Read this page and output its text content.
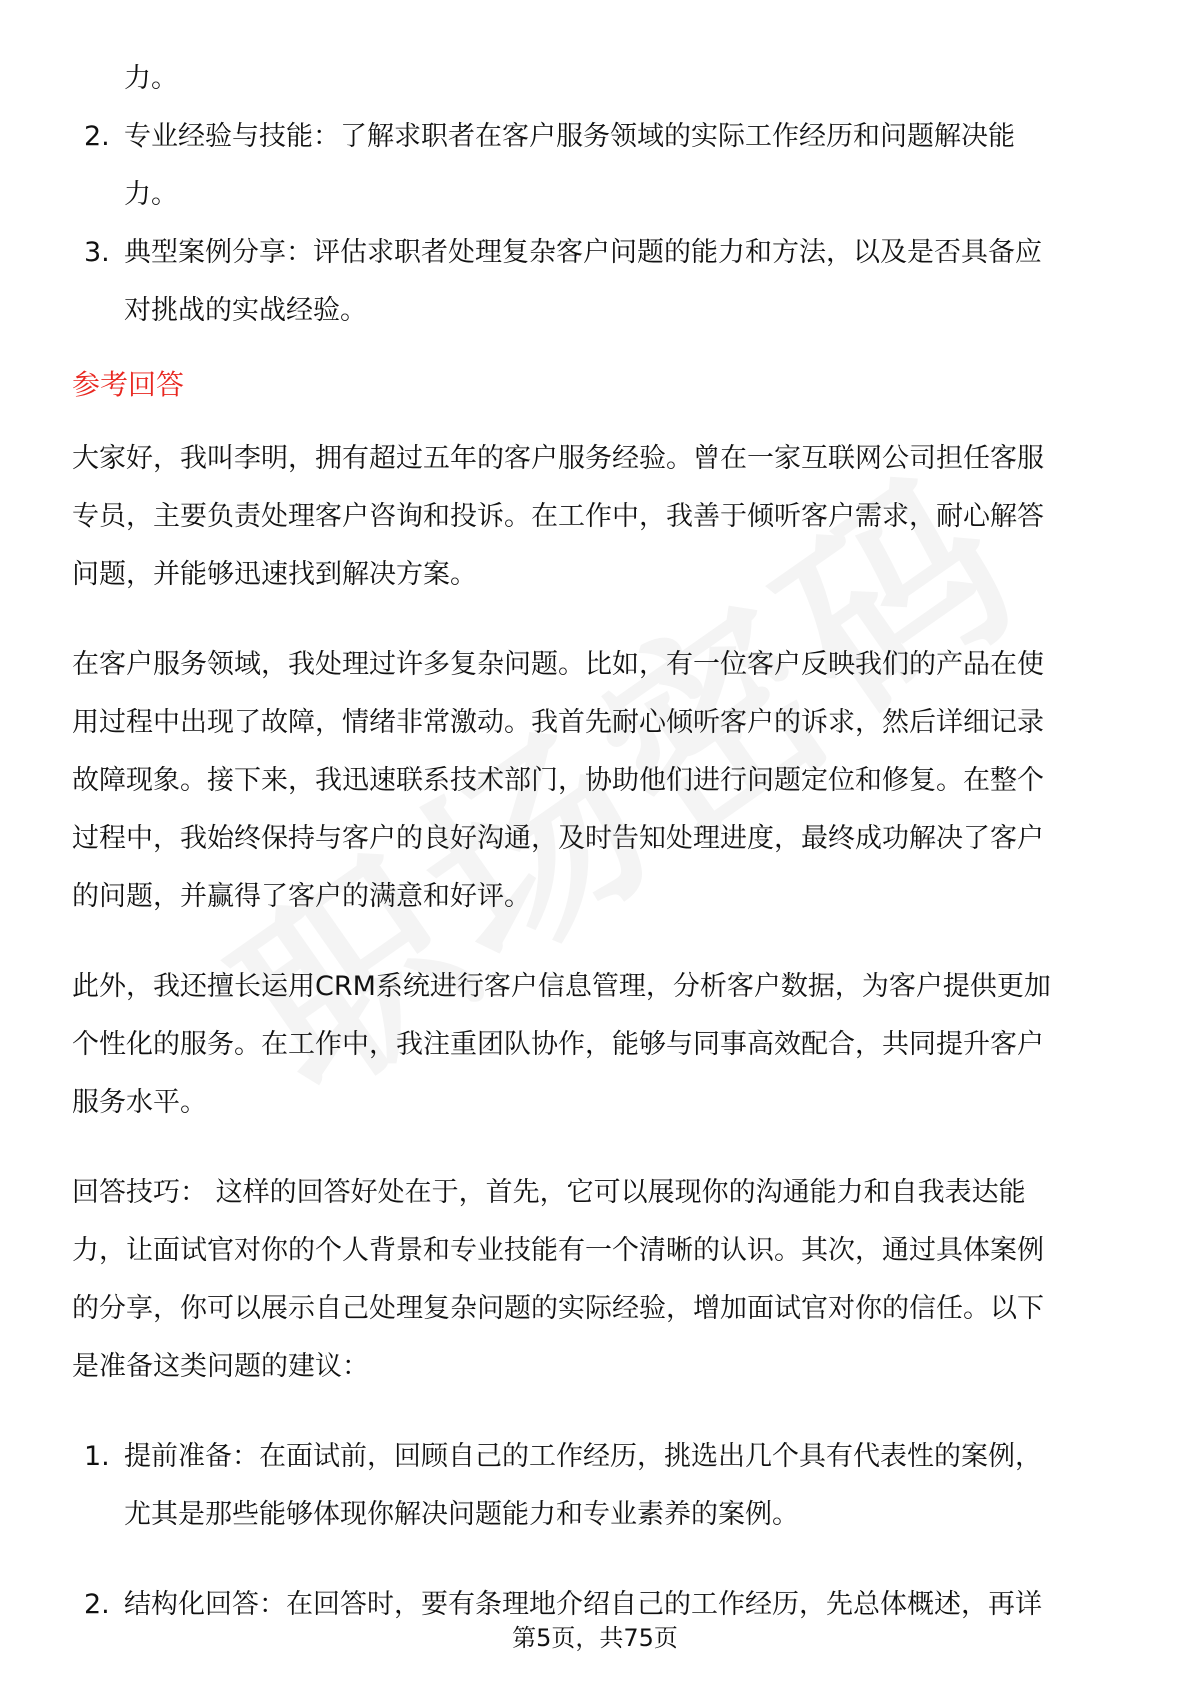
力。
2. 专业经验与技能：了解求职者在客户服务领域的实际工作经历和问题解决能
力。
3. 典型案例分享：评估求职者处理复杂客户问题的能力和方法，以及是否具备应
对挑战的实战经验。
参考回答
大家好，我叫李明，拥有超过五年的客户服务经验。曾在一家互联网公司担任客服
专员，主要负责处理客户咨询和投诉。在工作中，我善于倾听客户需求，耐心解答
问题，并能够迅速找到解决方案。
在客户服务领域，我处理过许多复杂问题。比如，有一位客户反映我们的产品在使
用过程中出现了故障，情绪非常激动。我首先耐心倾听客户的诉求，然后详细记录
故障现象。接下来，我迅速联系技术部门，协助他们进行问题定位和修复。在整个
过程中，我始终保持与客户的良好沟通，及时告知处理进度，最终成功解决了客户
的问题，并赢得了客户的满意和好评。
此外，我还擅长运用CRM系统进行客户信息管理，分析客户数据，为客户提供更加
个性化的服务。在工作中，我注重团队协作，能够与同事高效配合，共同提升客户
服务水平。
回答技巧： 这样的回答好处在于，首先，它可以展现你的沟通能力和自我表达能
力，让面试官对你的个人背景和专业技能有一个清晰的认识。其次，通过具体案例
的分享，你可以展示自己处理复杂问题的实际经验，增加面试官对你的信任。以下
是准备这类问题的建议：
1. 提前准备：在面试前，回顾自己的工作经历，挑选出几个具有代表性的案例，
尤其是那些能够体现你解决问题能力和专业素养的案例。
2. 结构化回答：在回答时，要有条理地介绍自己的工作经历，先总体概述，再详
第5页，共75页
